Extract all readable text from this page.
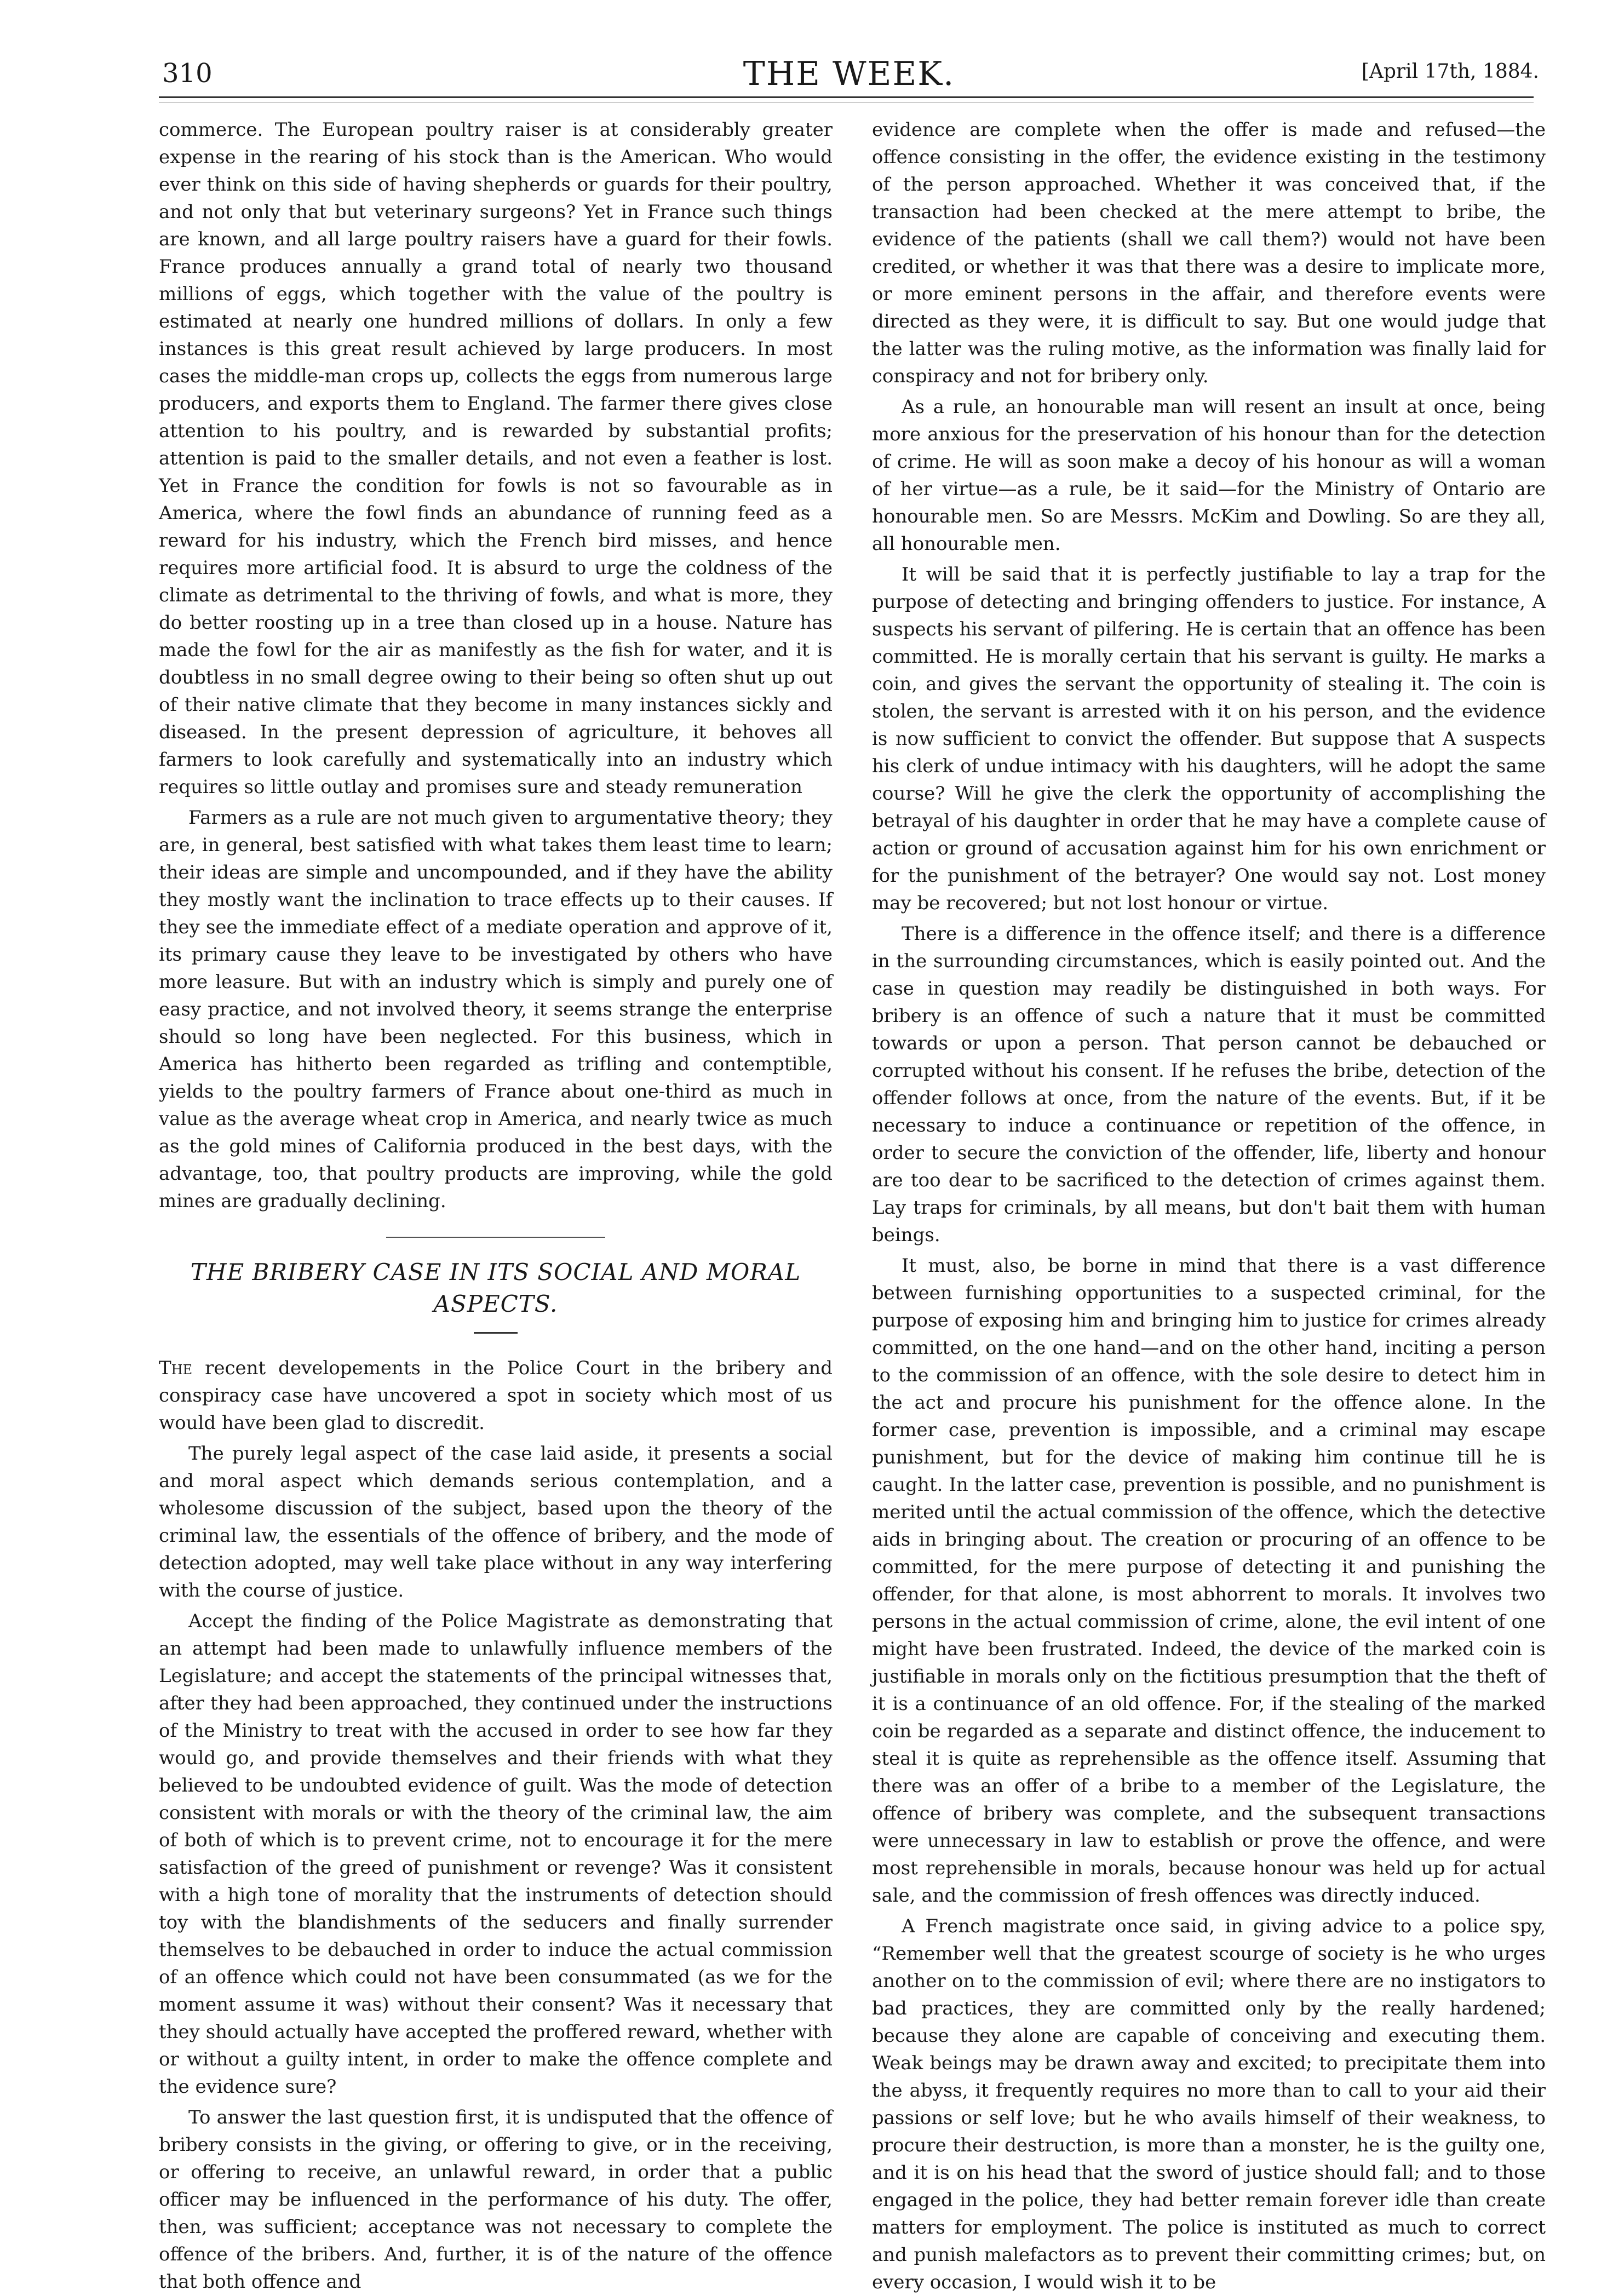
310	THE WEEK.	[April 17th, 1884.

commerce. The European poultry raiser is at considerably greater expense in the rearing of his stock than is the American. Who would ever think on this side of having shepherds or guards for their poultry, and not only that but veterinary surgeons? Yet in France such things are known, and all large poultry raisers have a guard for their fowls. France produces annually a grand total of nearly two thousand millions of eggs, which together with the value of the poultry is estimated at nearly one hundred millions of dollars. In only a few instances is this great result achieved by large producers. In most cases the middle-man crops up, collects the eggs from numerous large producers, and exports them to England. The farmer there gives close attention to his poultry, and is rewarded by substantial profits; attention is paid to the smaller details, and not even a feather is lost. Yet in France the condition for fowls is not so favourable as in America, where the fowl finds an abundance of running feed as a reward for his industry, which the French bird misses, and hence requires more artificial food. It is absurd to urge the coldness of the climate as detrimental to the thriving of fowls, and what is more, they do better roosting up in a tree than closed up in a house. Nature has made the fowl for the air as manifestly as the fish for water, and it is doubtless in no small degree owing to their being so often shut up out of their native climate that they become in many instances sickly and diseased. In the present depression of agriculture, it behoves all farmers to look carefully and systematically into an industry which requires so little outlay and promises sure and steady remuneration

Farmers as a rule are not much given to argumentative theory; they are, in general, best satisfied with what takes them least time to learn; their ideas are simple and uncompounded, and if they have the ability they mostly want the inclination to trace effects up to their causes. If they see the immediate effect of a mediate operation and approve of it, its primary cause they leave to be investigated by others who have more leasure. But with an industry which is simply and purely one of easy practice, and not involved theory, it seems strange the enterprise should so long have been neglected. For this business, which in America has hitherto been regarded as trifling and contemptible, yields to the poultry farmers of France about one-third as much in value as the average wheat crop in America, and nearly twice as much as the gold mines of California produced in the best days, with the advantage, too, that poultry products are improving, while the gold mines are gradually declining.

THE BRIBERY CASE IN ITS SOCIAL AND MORAL ASPECTS.

The recent developements in the Police Court in the bribery and conspiracy case have uncovered a spot in society which most of us would have been glad to discredit.

The purely legal aspect of the case laid aside, it presents a social and moral aspect which demands serious contemplation, and a wholesome discussion of the subject, based upon the theory of the criminal law, the essentials of the offence of bribery, and the mode of detection adopted, may well take place without in any way interfering with the course of justice.

Accept the finding of the Police Magistrate as demonstrating that an attempt had been made to unlawfully influence members of the Legislature; and accept the statements of the principal witnesses that, after they had been approached, they continued under the instructions of the Ministry to treat with the accused in order to see how far they would go, and provide themselves and their friends with what they believed to be undoubted evidence of guilt. Was the mode of detection consistent with morals or with the theory of the criminal law, the aim of both of which is to prevent crime, not to encourage it for the mere satisfaction of the greed of punishment or revenge? Was it consistent with a high tone of morality that the instruments of detection should toy with the blandishments of the seducers and finally surrender themselves to be debauched in order to induce the actual commission of an offence which could not have been consummated (as we for the moment assume it was) without their consent? Was it necessary that they should actually have accepted the proffered reward, whether with or without a guilty intent, in order to make the offence complete and the evidence sure?

To answer the last question first, it is undisputed that the offence of bribery consists in the giving, or offering to give, or in the receiving, or offering to receive, an unlawful reward, in order that a public officer may be influenced in the performance of his duty. The offer, then, was sufficient; acceptance was not necessary to complete the offence of the bribers. And, further, it is of the nature of the offence that both offence and

evidence are complete when the offer is made and refused—the offence consisting in the offer, the evidence existing in the testimony of the person approached. Whether it was conceived that, if the transaction had been checked at the mere attempt to bribe, the evidence of the patients (shall we call them?) would not have been credited, or whether it was that there was a desire to implicate more, or more eminent persons in the affair, and therefore events were directed as they were, it is difficult to say. But one would judge that the latter was the ruling motive, as the information was finally laid for conspiracy and not for bribery only.

As a rule, an honourable man will resent an insult at once, being more anxious for the preservation of his honour than for the detection of crime. He will as soon make a decoy of his honour as will a woman of her virtue—as a rule, be it said—for the Ministry of Ontario are honourable men. So are Messrs. McKim and Dowling. So are they all, all honourable men.

It will be said that it is perfectly justifiable to lay a trap for the purpose of detecting and bringing offenders to justice. For instance, A suspects his servant of pilfering. He is certain that an offence has been committed. He is morally certain that his servant is guilty. He marks a coin, and gives the servant the opportunity of stealing it. The coin is stolen, the servant is arrested with it on his person, and the evidence is now sufficient to convict the offender. But suppose that A suspects his clerk of undue intimacy with his daughters, will he adopt the same course? Will he give the clerk the opportunity of accomplishing the betrayal of his daughter in order that he may have a complete cause of action or ground of accusation against him for his own enrichment or for the punishment of the betrayer? One would say not. Lost money may be recovered; but not lost honour or virtue.

There is a difference in the offence itself; and there is a difference in the surrounding circumstances, which is easily pointed out. And the case in question may readily be distinguished in both ways. For bribery is an offence of such a nature that it must be committed towards or upon a person. That person cannot be debauched or corrupted without his consent. If he refuses the bribe, detection of the offender follows at once, from the nature of the events. But, if it be necessary to induce a continuance or repetition of the offence, in order to secure the conviction of the offender, life, liberty and honour are too dear to be sacrificed to the detection of crimes against them. Lay traps for criminals, by all means, but don't bait them with human beings.

It must, also, be borne in mind that there is a vast difference between furnishing opportunities to a suspected criminal, for the purpose of exposing him and bringing him to justice for crimes already committed, on the one hand—and on the other hand, inciting a person to the commission of an offence, with the sole desire to detect him in the act and procure his punishment for the offence alone. In the former case, prevention is impossible, and a criminal may escape punishment, but for the device of making him continue till he is caught. In the latter case, prevention is possible, and no punishment is merited until the actual commission of the offence, which the detective aids in bringing about. The creation or procuring of an offence to be committed, for the mere purpose of detecting it and punishing the offender, for that alone, is most abhorrent to morals. It involves two persons in the actual commission of crime, alone, the evil intent of one might have been frustrated. Indeed, the device of the marked coin is justifiable in morals only on the fictitious presumption that the theft of it is a continuance of an old offence. For, if the stealing of the marked coin be regarded as a separate and distinct offence, the inducement to steal it is quite as reprehensible as the offence itself. Assuming that there was an offer of a bribe to a member of the Legislature, the offence of bribery was complete, and the subsequent transactions were unnecessary in law to establish or prove the offence, and were most reprehensible in morals, because honour was held up for actual sale, and the commission of fresh offences was directly induced.

A French magistrate once said, in giving advice to a police spy, “Remember well that the greatest scourge of society is he who urges another on to the commission of evil; where there are no instigators to bad practices, they are committed only by the really hardened; because they alone are capable of conceiving and executing them. Weak beings may be drawn away and excited; to precipitate them into the abyss, it frequently requires no more than to call to your aid their passions or self love; but he who avails himself of their weakness, to procure their destruction, is more than a monster, he is the guilty one, and it is on his head that the sword of justice should fall; and to those engaged in the police, they had better remain forever idle than create matters for employment. The police is instituted as much to correct and punish malefactors as to prevent their committing crimes; but, on every occasion, I would wish it to be
